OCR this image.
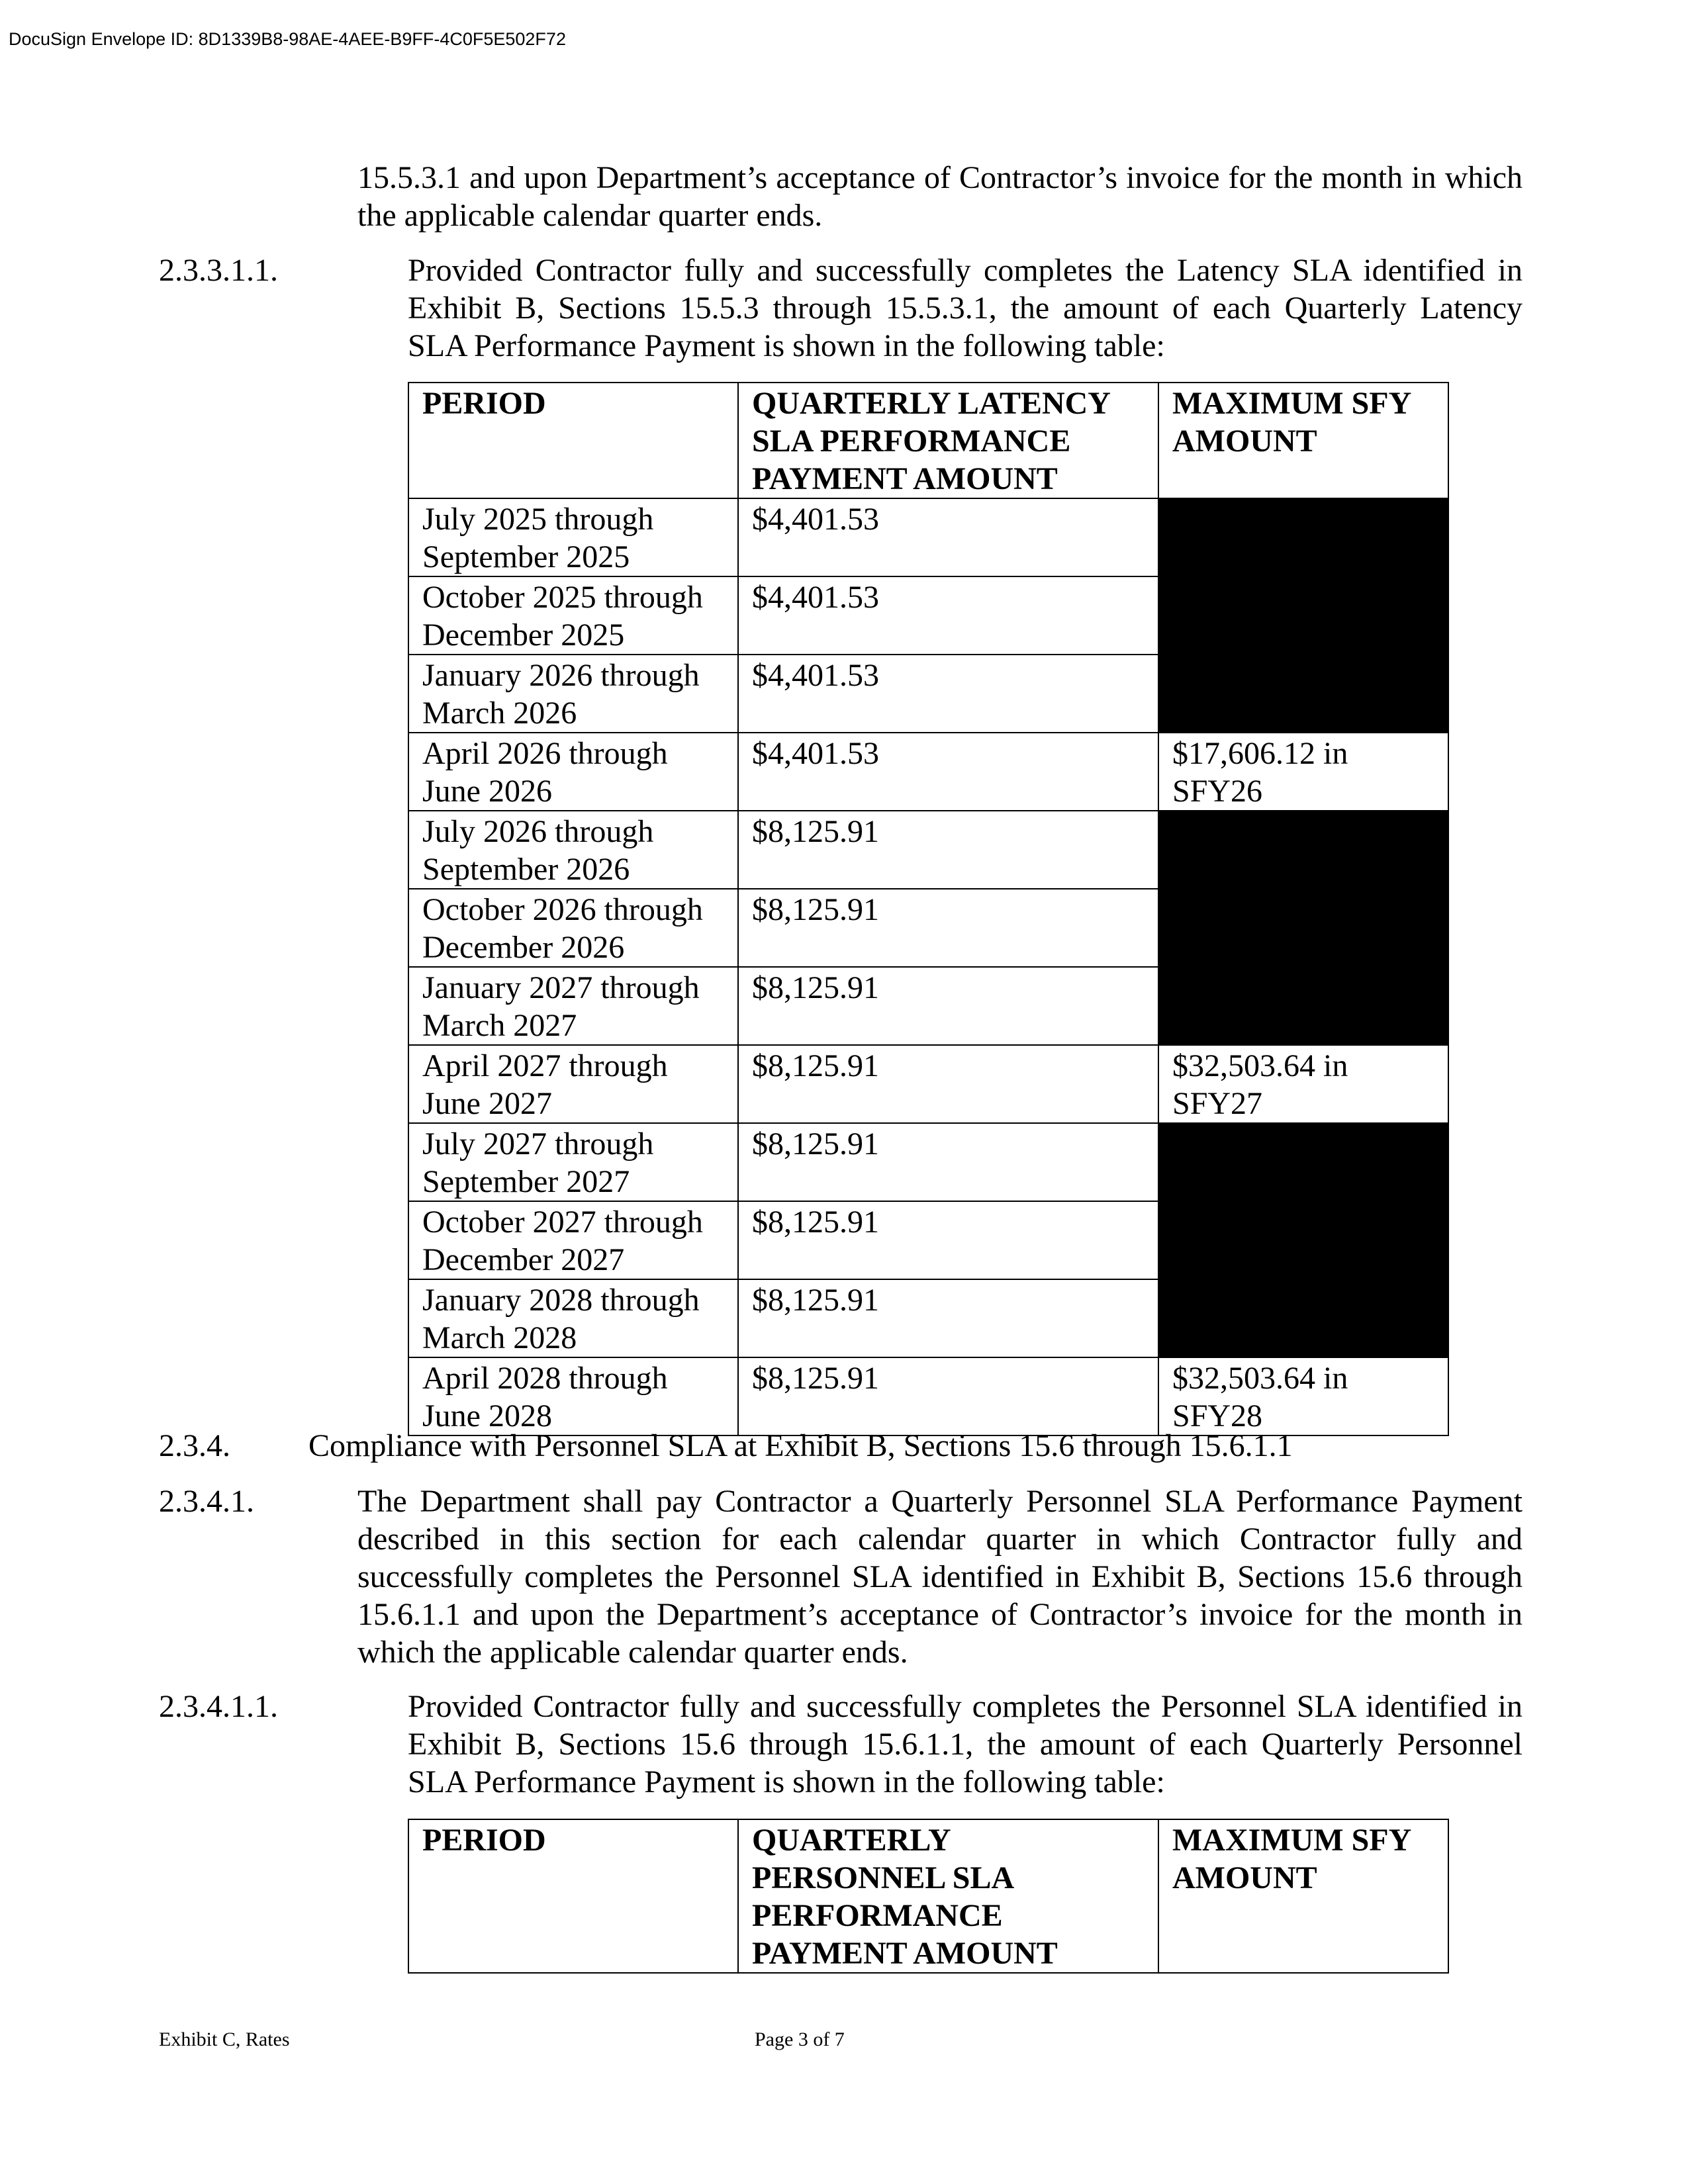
DocuSign Envelope ID: 8D1339B8-98AE-4AEE-B9FF-4C0F5E502F72

15.5.3.1 and upon Department’s acceptance of Contractor’s invoice for the month in which the applicable calendar quarter ends.

2.3.3.1.1.	Provided Contractor fully and successfully completes the Latency SLA identified in Exhibit B, Sections 15.5.3 through 15.5.3.1, the amount of each Quarterly Latency SLA Performance Payment is shown in the following table:

PERIOD	QUARTERLY LATENCY SLA PERFORMANCE PAYMENT AMOUNT	MAXIMUM SFY AMOUNT
July 2025 through September 2025	$4,401.53	
October 2025 through December 2025	$4,401.53	
January 2026 through March 2026	$4,401.53	
April 2026 through June 2026	$4,401.53	$17,606.12 in SFY26
July 2026 through September 2026	$8,125.91	
October 2026 through December 2026	$8,125.91	
January 2027 through March 2027	$8,125.91	
April 2027 through June 2027	$8,125.91	$32,503.64 in SFY27
July 2027 through September 2027	$8,125.91	
October 2027 through December 2027	$8,125.91	
January 2028 through March 2028	$8,125.91	
April 2028 through June 2028	$8,125.91	$32,503.64 in SFY28
2.3.4. Compliance with Personnel SLA at Exhibit B, Sections 15.6 through 15.6.1.1
2.3.4.1.	The Department shall pay Contractor a Quarterly Personnel SLA Performance Payment described in this section for each calendar quarter in which Contractor fully and successfully completes the Personnel SLA identified in Exhibit B, Sections 15.6 through 15.6.1.1 and upon the Department’s acceptance of Contractor’s invoice for the month in which the applicable calendar quarter ends.

2.3.4.1.1.	Provided Contractor fully and successfully completes the Personnel SLA identified in Exhibit B, Sections 15.6 through 15.6.1.1, the amount of each Quarterly Personnel SLA Performance Payment is shown in the following table:

PERIOD	QUARTERLY PERSONNEL SLA PERFORMANCE PAYMENT AMOUNT	MAXIMUM SFY AMOUNT
Exhibit C, Rates	Page 3 of 7
